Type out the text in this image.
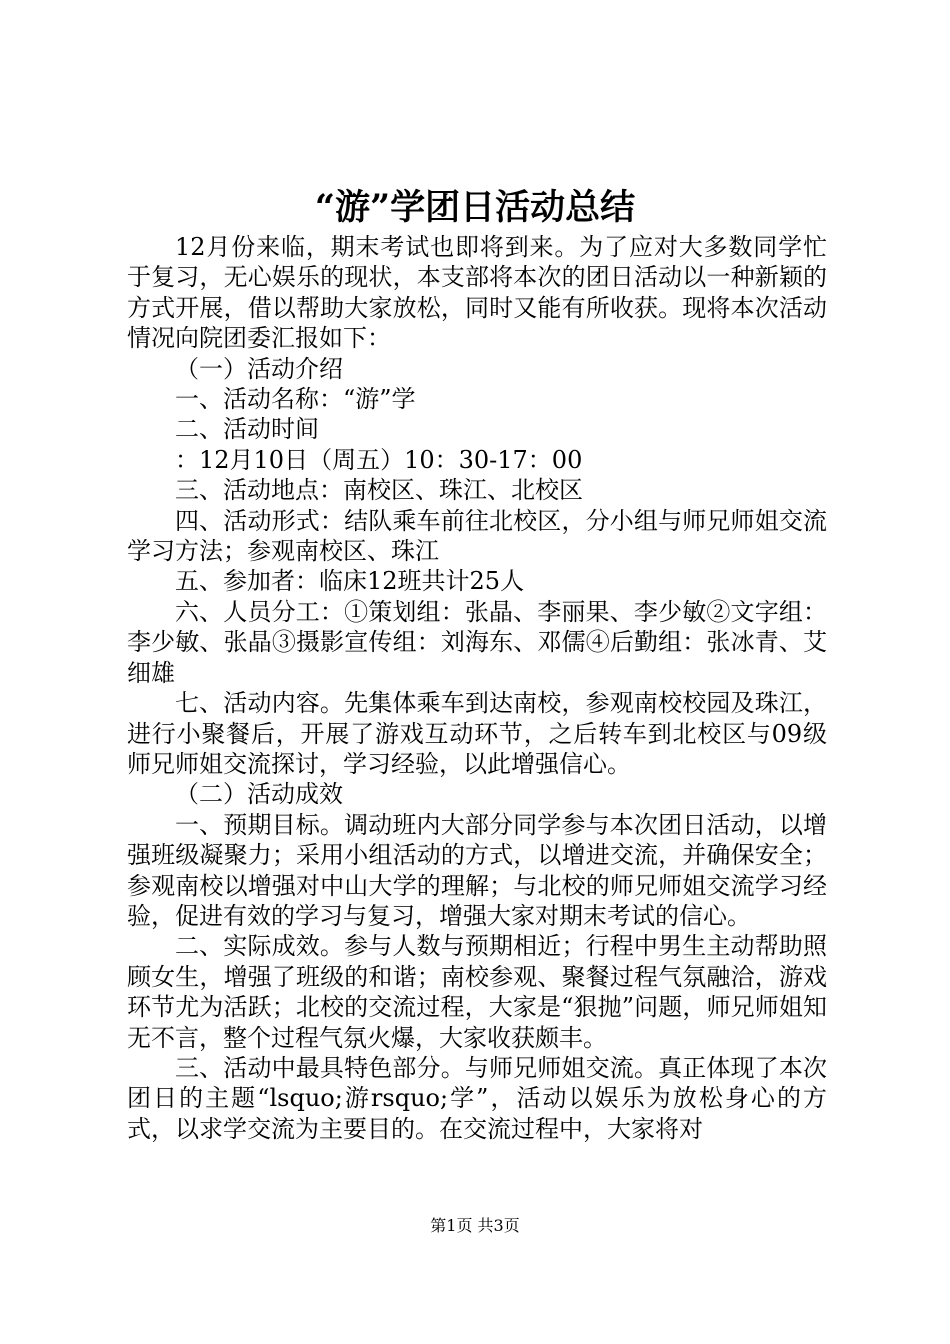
“游”学团日活动总结

12月份来临，期末考试也即将到来。为了应对大多数同学忙于复习，无心娱乐的现状，本支部将本次的团日活动以一种新颖的方式开展，借以帮助大家放松，同时又能有所收获。现将本次活动情况向院团委汇报如下：

（一）活动介绍

一、活动名称：“游”学

二、活动时间

：12月10日（周五）10：30-17：00

三、活动地点：南校区、珠江、北校区

四、活动形式：结队乘车前往北校区，分小组与师兄师姐交流学习方法；参观南校区、珠江

五、参加者：临床12班共计25人

六、人员分工：①策划组：张晶、李丽果、李少敏②文字组：李少敏、张晶③摄影宣传组：刘海东、邓儒④后勤组：张冰青、艾细雄

七、活动内容。先集体乘车到达南校，参观南校校园及珠江，进行小聚餐后，开展了游戏互动环节，之后转车到北校区与09级师兄师姐交流探讨，学习经验，以此增强信心。

（二）活动成效

一、预期目标。调动班内大部分同学参与本次团日活动，以增强班级凝聚力；采用小组活动的方式，以增进交流，并确保安全；参观南校以增强对中山大学的理解；与北校的师兄师姐交流学习经验，促进有效的学习与复习，增强大家对期末考试的信心。

二、实际成效。参与人数与预期相近；行程中男生主动帮助照顾女生，增强了班级的和谐；南校参观、聚餐过程气氛融洽，游戏环节尤为活跃；北校的交流过程，大家是“狠抛”问题，师兄师姐知无不言，整个过程气氛火爆，大家收获颇丰。

三、活动中最具特色部分。与师兄师姐交流。真正体现了本次团日的主题“lsquo;游rsquo;学”，活动以娱乐为放松身心的方式，以求学交流为主要目的。在交流过程中，大家将对

第1页 共3页
